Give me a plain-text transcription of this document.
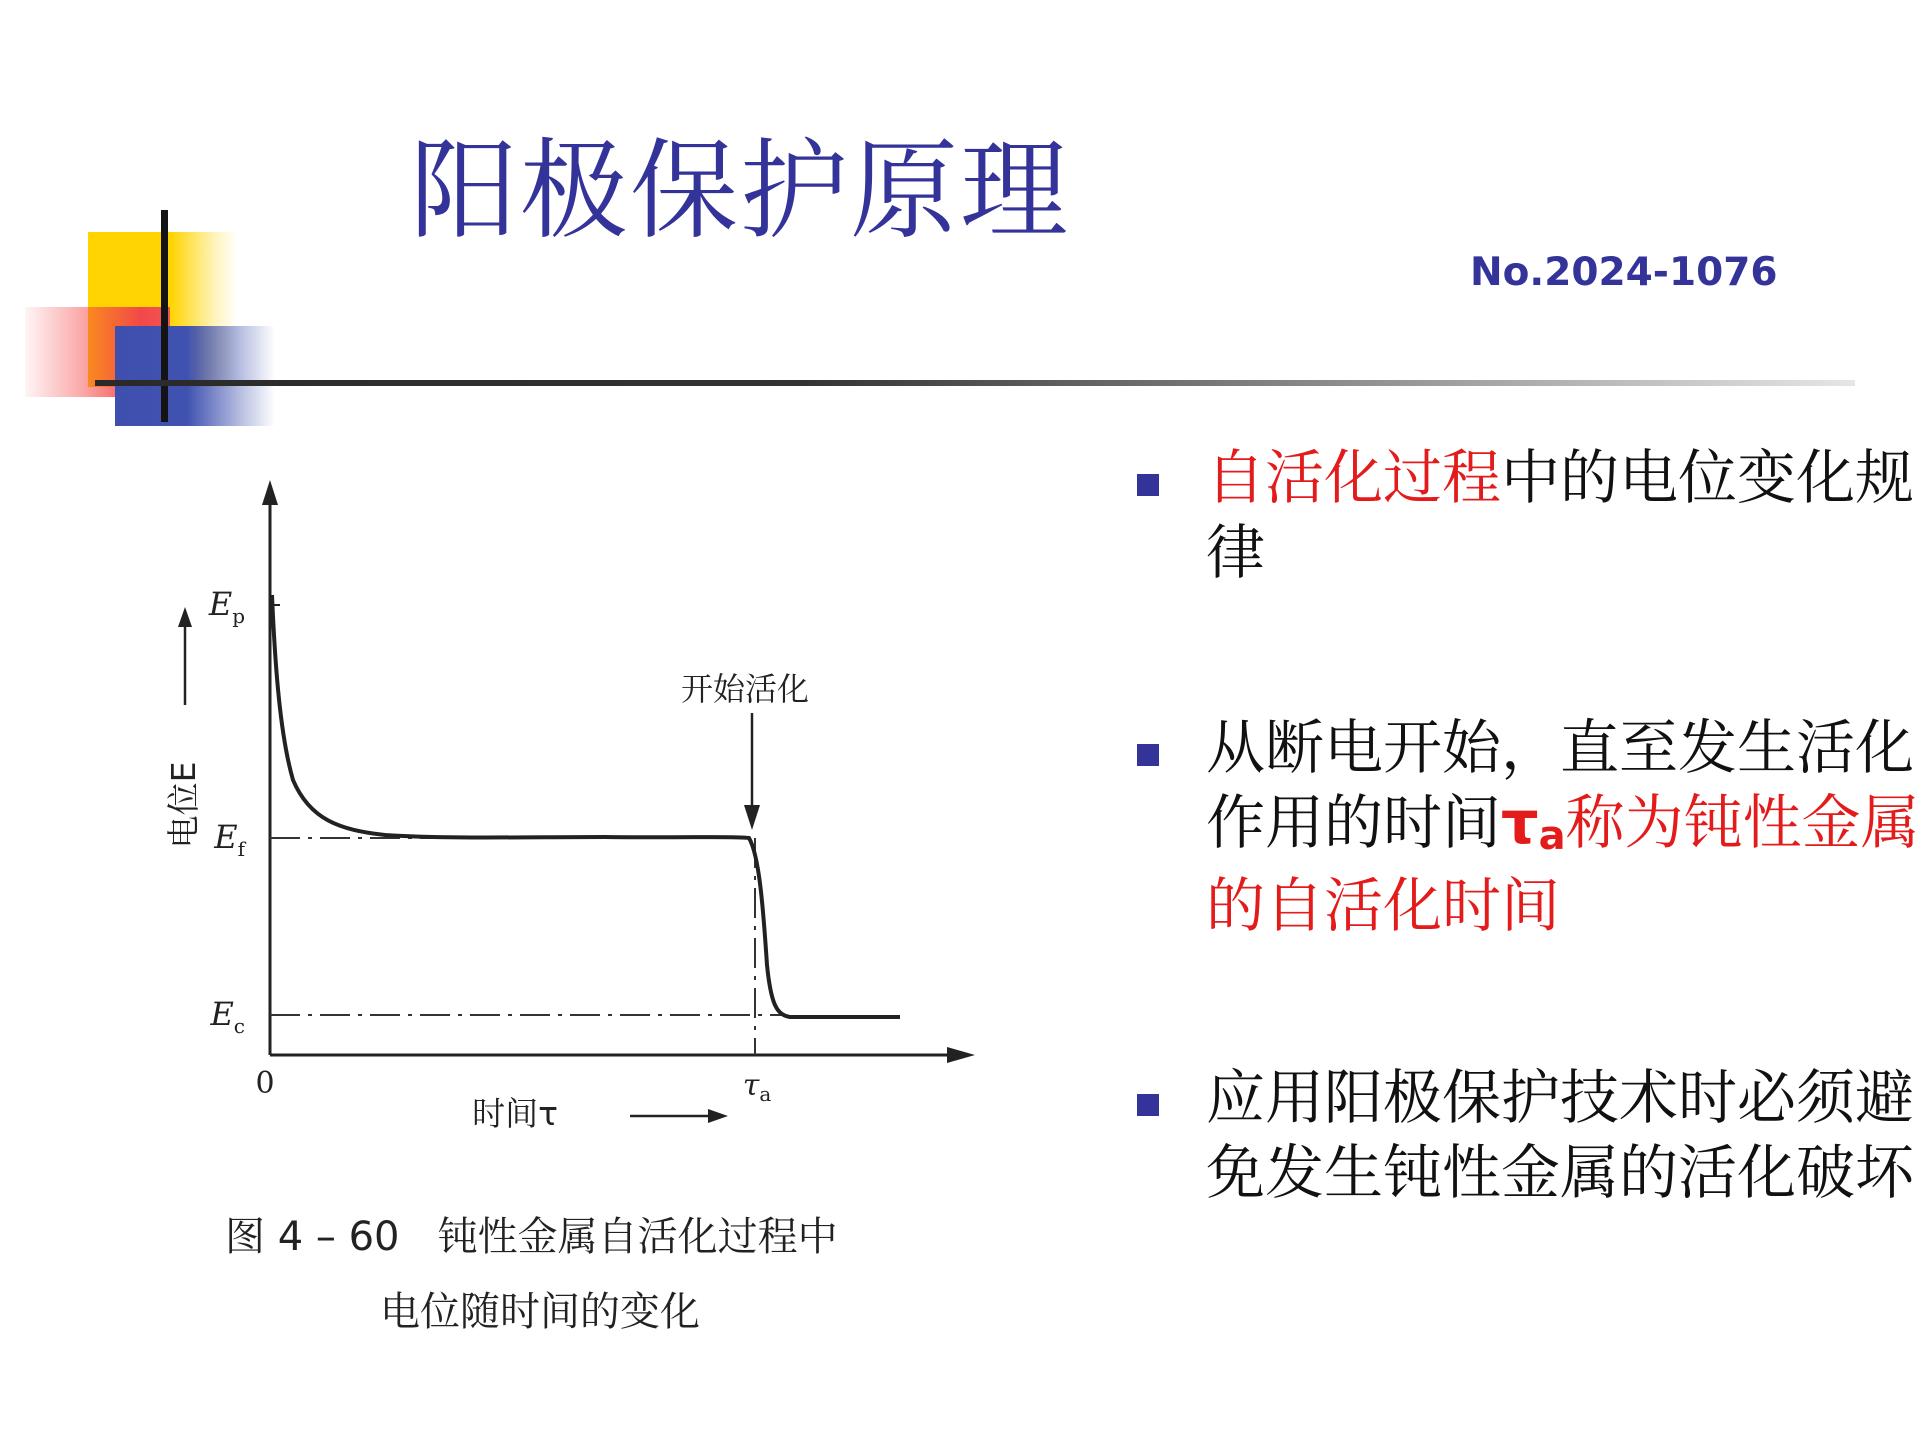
阳极保护原理
No.2024-1076
开始活化
$E_p$
$E_f$
$E_c$
0	$\tau_a$
电位E
时间τ
图 4 – 60   钝性金属自活化过程中
电位随时间的变化
自活化过程中的电位变化规律
从断电开始，直至发生活化作用的时间τa称为钝性金属的自活化时间
应用阳极保护技术时必须避免发生钝性金属的活化破坏
